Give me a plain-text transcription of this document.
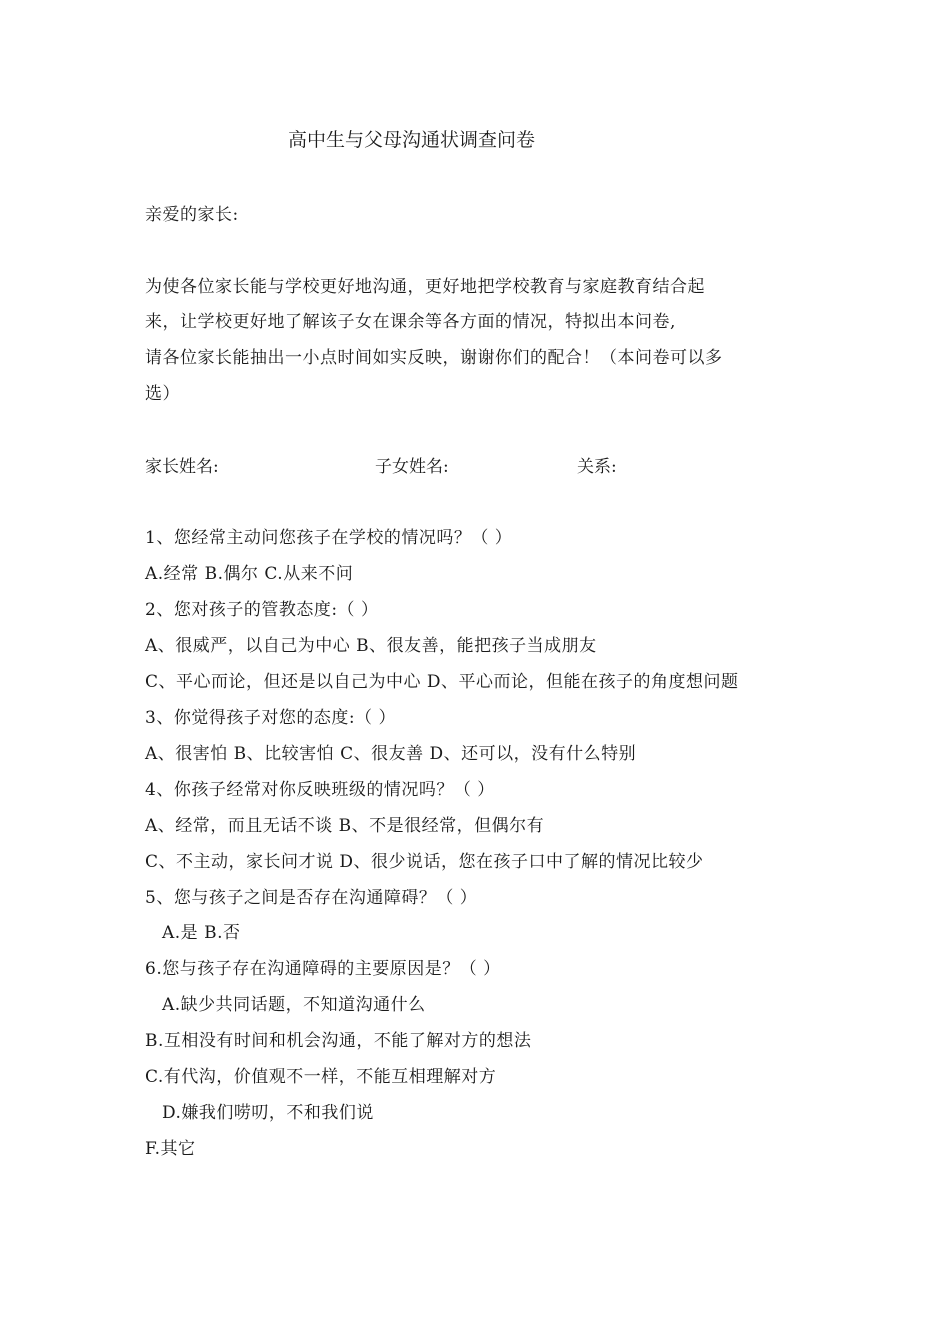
高中生与父母沟通状调查问卷
亲爱的家长:
为使各位家长能与学校更好地沟通，更好地把学校教育与家庭教育结合起
来，让学校更好地了解该子女在课余等各方面的情况，特拟出本问卷,
请各位家长能抽出一小点时间如实反映，谢谢你们的配合！（本问卷可以多
选）
家长姓名:	子女姓名:	关系:
1、您经常主动问您孩子在学校的情况吗？（ ）
A.经常 B.偶尔 C.从来不问
2、您对孩子的管教态度:（ ）
A、很威严，以自己为中心 B、很友善，能把孩子当成朋友
C、平心而论，但还是以自己为中心 D、平心而论，但能在孩子的角度想问题
3、你觉得孩子对您的态度:（ ）
A、很害怕 B、比较害怕 C、很友善 D、还可以，没有什么特别
4、你孩子经常对你反映班级的情况吗？（ ）
A、经常，而且无话不谈 B、不是很经常，但偶尔有
C、不主动，家长问才说 D、很少说话，您在孩子口中了解的情况比较少
5、您与孩子之间是否存在沟通障碍？（ ）
A.是 B.否
6.您与孩子存在沟通障碍的主要原因是？（ ）
A.缺少共同话题，不知道沟通什么
B.互相没有时间和机会沟通，不能了解对方的想法
C.有代沟，价值观不一样，不能互相理解对方
D.嫌我们唠叨，不和我们说
F.其它
